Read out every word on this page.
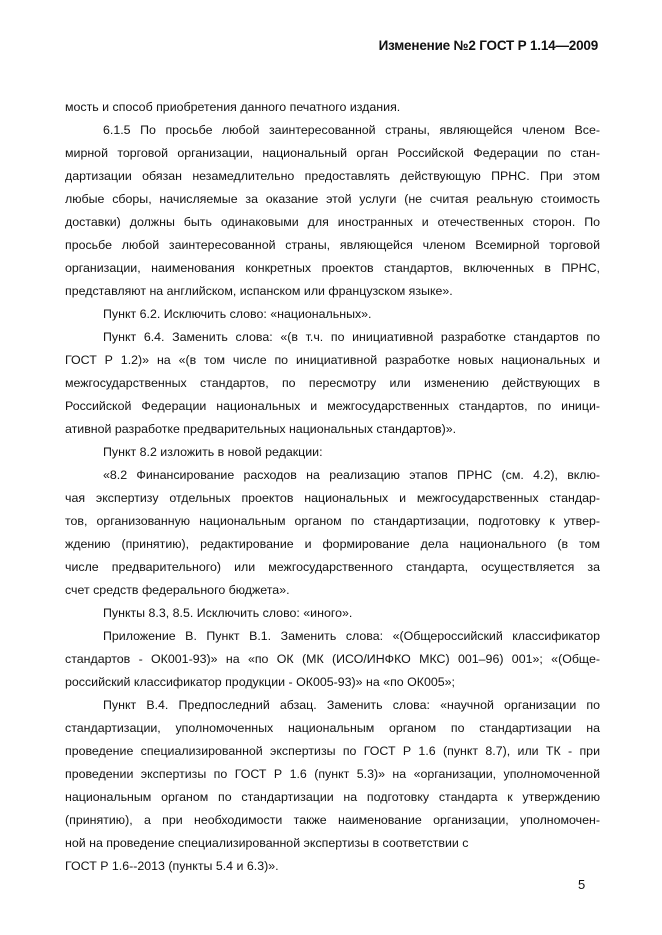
Изменение №2 ГОСТ Р 1.14—2009
мость и способ приобретения данного печатного издания.
6.1.5 По просьбе любой заинтересованной страны, являющейся членом Все-
мирной торговой организации, национальный орган Российской Федерации по стан-
дартизации обязан незамедлительно предоставлять действующую ПРНС. При этом
любые сборы, начисляемые за оказание этой услуги (не считая реальную стоимость
доставки) должны быть одинаковыми для иностранных и отечественных сторон. По
просьбе любой заинтересованной страны, являющейся членом Всемирной торговой
организации, наименования конкретных проектов стандартов, включенных в ПРНС,
представляют на английском, испанском или французском языке».
Пункт 6.2. Исключить слово: «национальных».
Пункт 6.4. Заменить слова: «(в т.ч. по инициативной разработке стандартов по
ГОСТ Р 1.2)» на «(в том числе по инициативной разработке новых национальных и
межгосударственных стандартов, по пересмотру или изменению действующих в
Российской Федерации национальных и межгосударственных стандартов, по иници-
ативной разработке предварительных национальных стандартов)».
Пункт 8.2 изложить в новой редакции:
«8.2 Финансирование расходов на реализацию этапов ПРНС (см. 4.2), вклю-
чая экспертизу отдельных проектов национальных и межгосударственных стандар-
тов, организованную национальным органом по стандартизации, подготовку к утвер-
ждению (принятию), редактирование и формирование дела национального (в том
числе предварительного) или межгосударственного стандарта, осуществляется за
счет средств федерального бюджета».
Пункты 8.3, 8.5. Исключить слово: «иного».
Приложение В. Пункт В.1. Заменить слова: «(Общероссийский классификатор
стандартов - ОК001-93)» на «по ОК (МК (ИСО/ИНФКО МКС) 001–96) 001»; «(Обще-
российский классификатор продукции - ОК005-93)» на «по ОК005»;
Пункт В.4. Предпоследний абзац. Заменить слова: «научной организации по
стандартизации, уполномоченных национальным органом по стандартизации на
проведение специализированной экспертизы по ГОСТ Р 1.6 (пункт 8.7), или ТК - при
проведении экспертизы по ГОСТ Р 1.6 (пункт 5.3)» на «организации, уполномоченной
национальным органом по стандартизации на подготовку стандарта к утверждению
(принятию), а при необходимости также наименование организации, уполномочен-
ной на проведение специализированной экспертизы в соответствии с
ГОСТ Р 1.6--2013 (пункты 5.4 и 6.3)».
5
